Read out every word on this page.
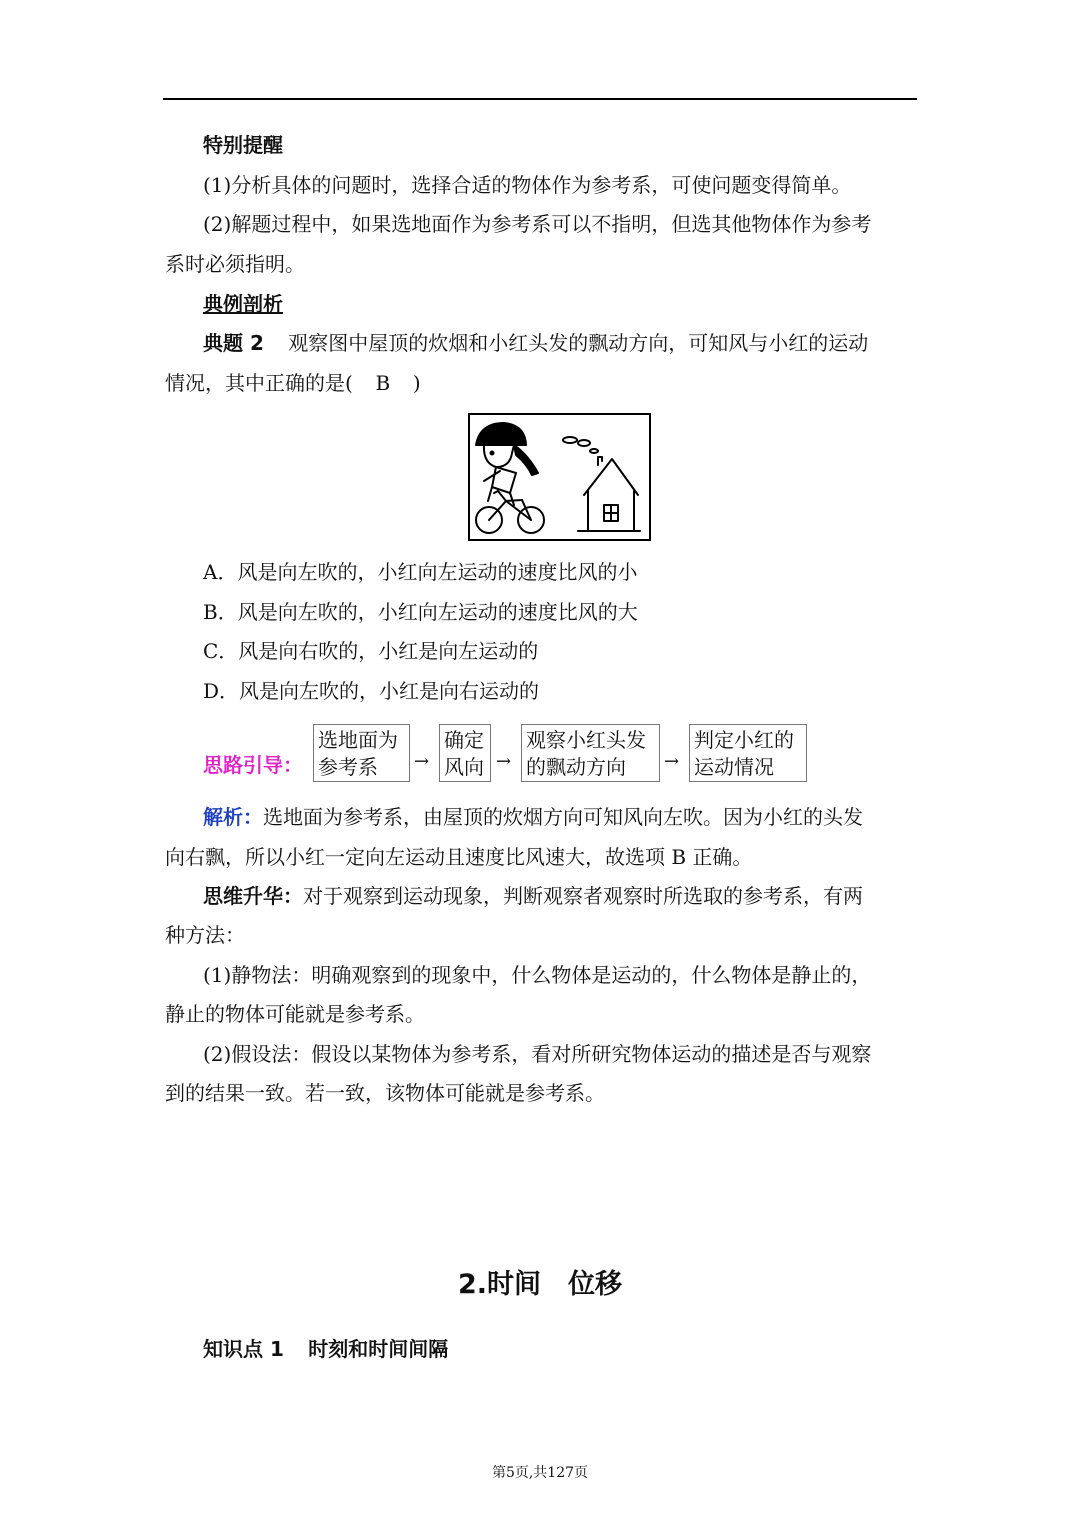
特别提醒
(1)分析具体的问题时，选择合适的物体作为参考系，可使问题变得简单。
(2)解题过程中，如果选地面作为参考系可以不指明，但选其他物体作为参考
系时必须指明。
典例剖析
典题 2 观察图中屋顶的炊烟和小红头发的飘动方向，可知风与小红的运动
情况，其中正确的是( B )
A．风是向左吹的，小红向左运动的速度比风的小
B．风是向左吹的，小红向左运动的速度比风的大
C．风是向右吹的，小红是向左运动的
D．风是向左吹的，小红是向右运动的
思路引导：
选地面为
参考系	→
确定
风向 →
观察小红头发
的飘动方向	→
判定小红的
运动情况
解析：选地面为参考系，由屋顶的炊烟方向可知风向左吹。因为小红的头发
向右飘，所以小红一定向左运动且速度比风速大，故选项 B 正确。
思维升华：对于观察到运动现象，判断观察者观察时所选取的参考系，有两
种方法：
(1)静物法：明确观察到的现象中，什么物体是运动的，什么物体是静止的，
静止的物体可能就是参考系。
(2)假设法：假设以某物体为参考系，看对所研究物体运动的描述是否与观察
到的结果一致。若一致，该物体可能就是参考系。
2.时间　位移
知识点 1 时刻和时间间隔
第5页,共127页
